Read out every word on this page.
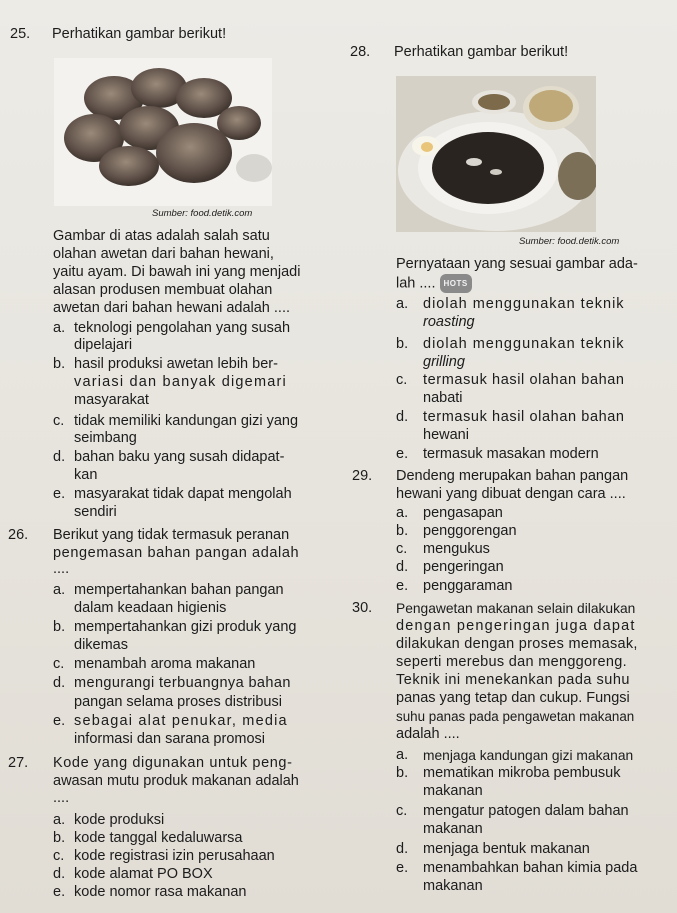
25. Perhatikan gambar berikut!
Sumber: food.detik.com
Gambar di atas adalah salah satu
olahan awetan dari bahan hewani,
yaitu ayam. Di bawah ini yang menjadi
alasan produsen membuat olahan
awetan dari bahan hewani adalah ....
a. teknologi pengolahan yang susah
dipelajari
b. hasil produksi awetan lebih ber-
variasi dan banyak digemari
masyarakat
c. tidak memiliki kandungan gizi yang
seimbang
d. bahan baku yang susah didapat-
kan
e. masyarakat tidak dapat mengolah
sendiri
26. Berikut yang tidak termasuk peranan
pengemasan bahan pangan adalah
....
a. mempertahankan bahan pangan
dalam keadaan higienis
b. mempertahankan gizi produk yang
dikemas
c. menambah aroma makanan
d. mengurangi terbuangnya bahan
pangan selama proses distribusi
e. sebagai alat penukar, media
informasi dan sarana promosi
27. Kode yang digunakan untuk peng-
awasan mutu produk makanan adalah
....
a. kode produksi
b. kode tanggal kedaluwarsa
c. kode registrasi izin perusahaan
d. kode alamat PO BOX
e. kode nomor rasa makanan
28. Perhatikan gambar berikut!
Sumber: food.detik.com
Pernyataan yang sesuai gambar ada-
lah .... HOTS
a. diolah menggunakan teknik
roasting
b. diolah menggunakan teknik
grilling
c. termasuk hasil olahan bahan
nabati
d. termasuk hasil olahan bahan
hewani
e. termasuk masakan modern
29. Dendeng merupakan bahan pangan
hewani yang dibuat dengan cara ....
a. pengasapan
b. penggorengan
c. mengukus
d. pengeringan
e. penggaraman
30. Pengawetan makanan selain dilakukan
dengan pengeringan juga dapat
dilakukan dengan proses memasak,
seperti merebus dan menggoreng.
Teknik ini menekankan pada suhu
panas yang tetap dan cukup. Fungsi
suhu panas pada pengawetan makanan
adalah ....
a. menjaga kandungan gizi makanan
b. mematikan mikroba pembusuk
makanan
c. mengatur patogen dalam bahan
makanan
d. menjaga bentuk makanan
e. menambahkan bahan kimia pada
makanan
